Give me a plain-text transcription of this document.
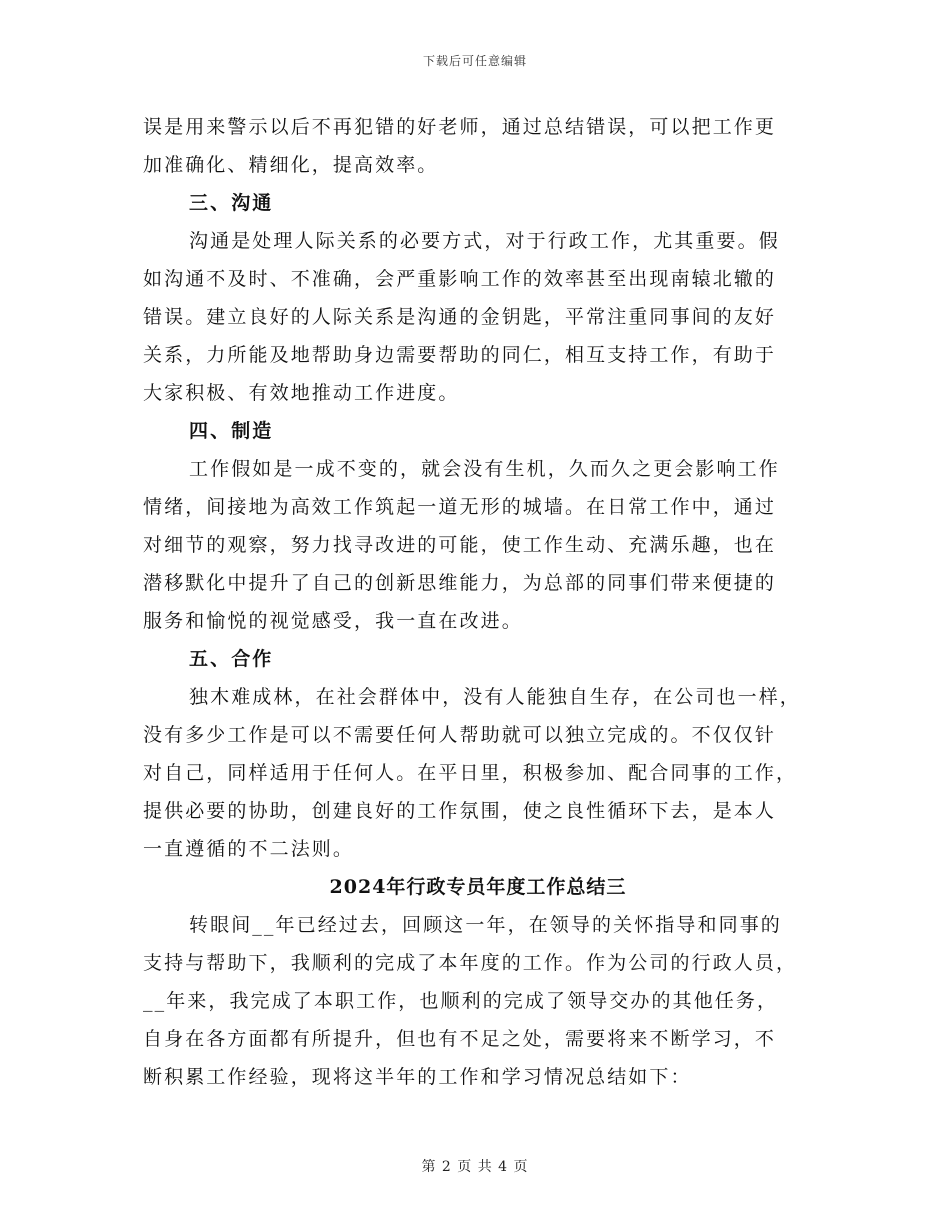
下载后可任意编辑
误是用来警示以后不再犯错的好老师，通过总结错误，可以把工作更
加准确化、精细化，提高效率。
三、沟通
沟通是处理人际关系的必要方式，对于行政工作，尤其重要。假
如沟通不及时、不准确，会严重影响工作的效率甚至出现南辕北辙的
错误。建立良好的人际关系是沟通的金钥匙，平常注重同事间的友好
关系，力所能及地帮助身边需要帮助的同仁，相互支持工作，有助于
大家积极、有效地推动工作进度。
四、制造
工作假如是一成不变的，就会没有生机，久而久之更会影响工作
情绪，间接地为高效工作筑起一道无形的城墙。在日常工作中，通过
对细节的观察，努力找寻改进的可能，使工作生动、充满乐趣，也在
潜移默化中提升了自己的创新思维能力，为总部的同事们带来便捷的
服务和愉悦的视觉感受，我一直在改进。
五、合作
独木难成林，在社会群体中，没有人能独自生存，在公司也一样，
没有多少工作是可以不需要任何人帮助就可以独立完成的。不仅仅针
对自己，同样适用于任何人。在平日里，积极参加、配合同事的工作，
提供必要的协助，创建良好的工作氛围，使之良性循环下去，是本人
一直遵循的不二法则。
2024年行政专员年度工作总结三
转眼间__年已经过去，回顾这一年，在领导的关怀指导和同事的
支持与帮助下，我顺利的完成了本年度的工作。作为公司的行政人员，
__年来，我完成了本职工作，也顺利的完成了领导交办的其他任务，
自身在各方面都有所提升，但也有不足之处，需要将来不断学习，不
断积累工作经验，现将这半年的工作和学习情况总结如下：
第 2 页 共 4 页
